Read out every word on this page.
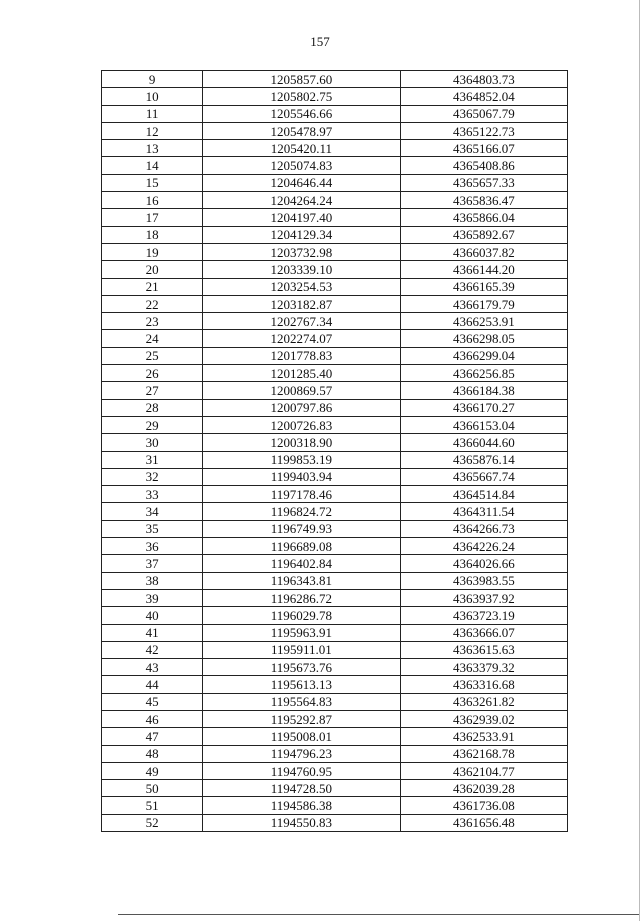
157
9	1205857.60	4364803.73
10	1205802.75	4364852.04
11	1205546.66	4365067.79
12	1205478.97	4365122.73
13	1205420.11	4365166.07
14	1205074.83	4365408.86
15	1204646.44	4365657.33
16	1204264.24	4365836.47
17	1204197.40	4365866.04
18	1204129.34	4365892.67
19	1203732.98	4366037.82
20	1203339.10	4366144.20
21	1203254.53	4366165.39
22	1203182.87	4366179.79
23	1202767.34	4366253.91
24	1202274.07	4366298.05
25	1201778.83	4366299.04
26	1201285.40	4366256.85
27	1200869.57	4366184.38
28	1200797.86	4366170.27
29	1200726.83	4366153.04
30	1200318.90	4366044.60
31	1199853.19	4365876.14
32	1199403.94	4365667.74
33	1197178.46	4364514.84
34	1196824.72	4364311.54
35	1196749.93	4364266.73
36	1196689.08	4364226.24
37	1196402.84	4364026.66
38	1196343.81	4363983.55
39	1196286.72	4363937.92
40	1196029.78	4363723.19
41	1195963.91	4363666.07
42	1195911.01	4363615.63
43	1195673.76	4363379.32
44	1195613.13	4363316.68
45	1195564.83	4363261.82
46	1195292.87	4362939.02
47	1195008.01	4362533.91
48	1194796.23	4362168.78
49	1194760.95	4362104.77
50	1194728.50	4362039.28
51	1194586.38	4361736.08
52	1194550.83	4361656.48
